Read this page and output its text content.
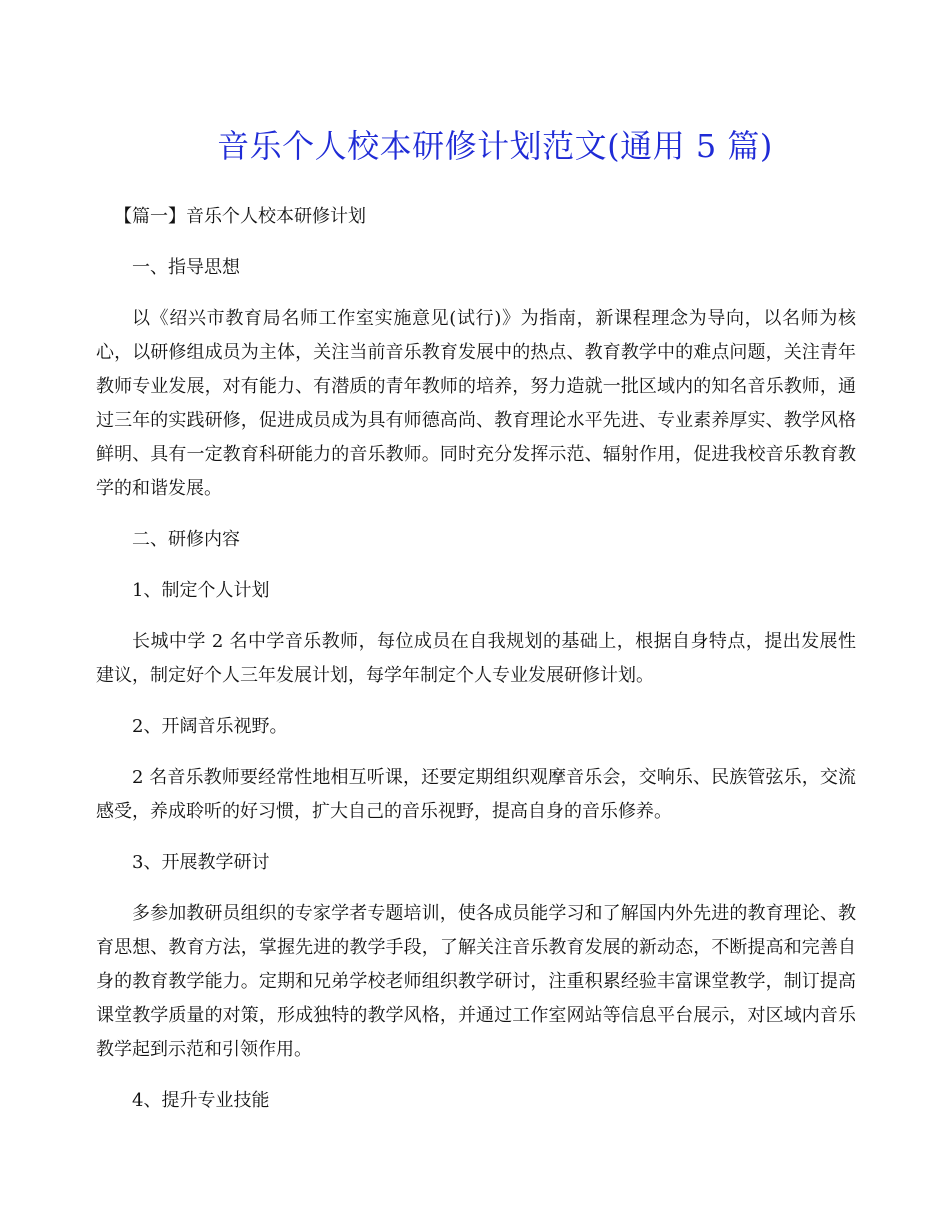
音乐个人校本研修计划范文(通用 5 篇)

【篇一】音乐个人校本研修计划

一、指导思想

以《绍兴市教育局名师工作室实施意见(试行)》为指南，新课程理念为导向，以名师为核心，以研修组成员为主体，关注当前音乐教育发展中的热点、教育教学中的难点问题，关注青年教师专业发展，对有能力、有潜质的青年教师的培养，努力造就一批区域内的知名音乐教师，通过三年的实践研修，促进成员成为具有师德高尚、教育理论水平先进、专业素养厚实、教学风格鲜明、具有一定教育科研能力的音乐教师。同时充分发挥示范、辐射作用，促进我校音乐教育教学的和谐发展。

二、研修内容

1、制定个人计划

长城中学 2 名中学音乐教师，每位成员在自我规划的基础上，根据自身特点，提出发展性建议，制定好个人三年发展计划，每学年制定个人专业发展研修计划。

2、开阔音乐视野。

2 名音乐教师要经常性地相互听课，还要定期组织观摩音乐会，交响乐、民族管弦乐，交流感受，养成聆听的好习惯，扩大自己的音乐视野，提高自身的音乐修养。

3、开展教学研讨

多参加教研员组织的专家学者专题培训，使各成员能学习和了解国内外先进的教育理论、教育思想、教育方法，掌握先进的教学手段，了解关注音乐教育发展的新动态，不断提高和完善自身的教育教学能力。定期和兄弟学校老师组织教学研讨，注重积累经验丰富课堂教学，制订提高课堂教学质量的对策，形成独特的教学风格，并通过工作室网站等信息平台展示，对区域内音乐教学起到示范和引领作用。

4、提升专业技能
